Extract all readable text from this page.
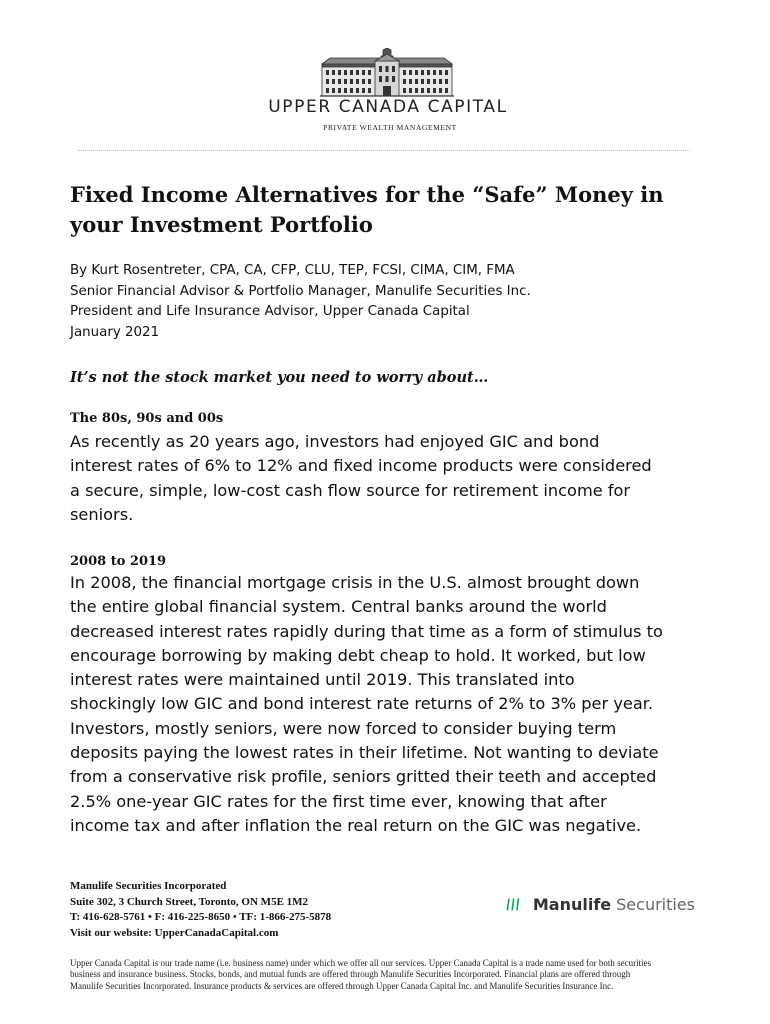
UPPER CANADA CAPITAL
PRIVATE WEALTH MANAGEMENT
Fixed Income Alternatives for the “Safe” Money in
your Investment Portfolio
By Kurt Rosentreter, CPA, CA, CFP, CLU, TEP, FCSI, CIMA, CIM, FMA
Senior Financial Advisor & Portfolio Manager, Manulife Securities Inc.
President and Life Insurance Advisor, Upper Canada Capital
January 2021
It’s not the stock market you need to worry about…
The 80s, 90s and 00s
As recently as 20 years ago, investors had enjoyed GIC and bond
interest rates of 6% to 12% and fixed income products were considered
a secure, simple, low-cost cash flow source for retirement income for
seniors.
2008 to 2019
In 2008, the financial mortgage crisis in the U.S. almost brought down
the entire global financial system. Central banks around the world
decreased interest rates rapidly during that time as a form of stimulus to
encourage borrowing by making debt cheap to hold. It worked, but low
interest rates were maintained until 2019. This translated into
shockingly low GIC and bond interest rate returns of 2% to 3% per year.
Investors, mostly seniors, were now forced to consider buying term
deposits paying the lowest rates in their lifetime. Not wanting to deviate
from a conservative risk profile, seniors gritted their teeth and accepted
2.5% one-year GIC rates for the first time ever, knowing that after
income tax and after inflation the real return on the GIC was negative.
Manulife Securities Incorporated
Suite 302, 3 Church Street, Toronto, ON M5E 1M2
T: 416-628-5761 • F: 416-225-8650 • TF: 1-866-275-5878
Visit our website: UpperCanadaCapital.com
Manulife Securities
Upper Canada Capital is our trade name (i.e. business name) under which we offer all our services. Upper Canada Capital is a trade name used for both securities
business and insurance business. Stocks, bonds, and mutual funds are offered through Manulife Securities Incorporated. Financial plans are offered through
Manulife Securities Incorporated. Insurance products & services are offered through Upper Canada Capital Inc. and Manulife Securities Insurance Inc.
